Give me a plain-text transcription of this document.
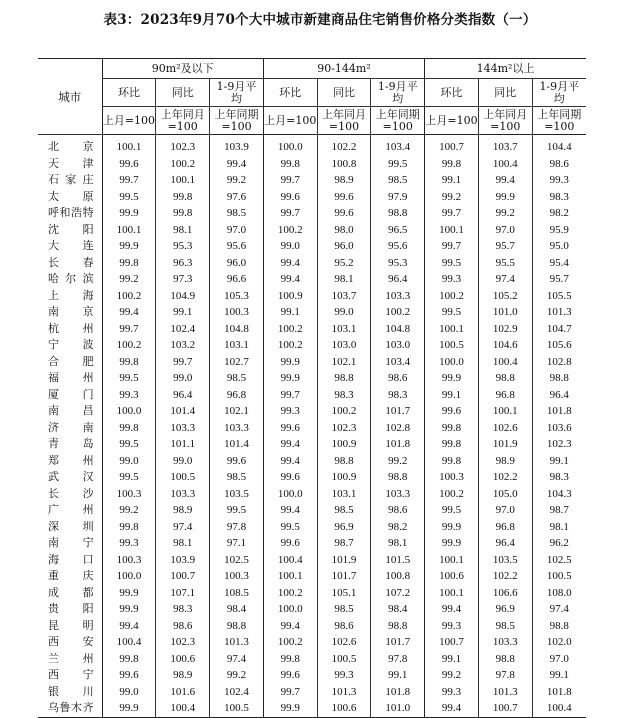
表3：2023年9月70个大中城市新建商品住宅销售价格分类指数（一）
城市	90m²及以下			90-144m²			144m²以上		
	环比	同比	1-9月平均	环比	同比	1-9月平均	环比	同比	1-9月平均
	上月=100	上年同月=100	上年同期=100	上月=100	上年同月=100	上年同期=100	上月=100	上年同月=100	上年同期=100
北京	100.1	102.3	103.9	100.0	102.2	103.4	100.7	103.7	104.4
天津	99.6	100.2	99.4	99.8	100.8	99.5	99.8	100.4	98.6
石家庄	99.7	100.1	99.2	99.7	98.9	98.5	99.1	99.4	99.3
太原	99.5	99.8	97.6	99.6	99.6	97.9	99.2	99.9	98.3
呼和浩特	99.9	99.8	98.5	99.7	99.6	98.8	99.7	99.2	98.2
沈阳	100.1	98.1	97.0	100.2	98.0	96.5	100.1	97.0	95.9
大连	99.9	95.3	95.6	99.0	96.0	95.6	99.7	95.7	95.0
长春	99.8	96.3	96.0	99.4	95.2	95.3	99.5	95.5	95.4
哈尔滨	99.2	97.3	96.6	99.4	98.1	96.4	99.3	97.4	95.7
上海	100.2	104.9	105.3	100.9	103.7	103.3	100.2	105.2	105.5
南京	99.4	99.1	100.3	99.1	99.0	100.2	99.5	101.0	101.3
杭州	99.7	102.4	104.8	100.2	103.1	104.8	100.1	102.9	104.7
宁波	100.2	103.2	103.1	100.2	103.0	103.0	100.5	104.6	105.6
合肥	99.8	99.7	102.7	99.9	102.1	103.4	100.0	100.4	102.8
福州	99.5	99.0	98.5	99.9	98.8	98.6	99.9	98.8	98.8
厦门	99.3	96.4	96.8	99.7	98.3	98.3	99.1	96.8	96.4
南昌	100.0	101.4	102.1	99.3	100.2	101.7	99.6	100.1	101.8
济南	99.8	103.3	103.3	99.6	102.3	102.8	99.8	102.6	103.6
青岛	99.5	101.1	101.4	99.4	100.9	101.8	99.8	101.9	102.3
郑州	99.0	99.0	99.6	99.4	98.8	99.2	99.8	98.9	99.1
武汉	99.5	100.5	98.5	99.6	100.9	98.8	100.3	102.2	98.3
长沙	100.3	103.3	103.5	100.0	103.1	103.3	100.2	105.0	104.3
广州	99.2	98.9	99.5	99.4	98.5	98.6	99.5	97.0	98.7
深圳	99.8	97.4	97.8	99.5	96.9	98.2	99.9	96.8	98.1
南宁	99.3	98.1	97.1	99.6	98.7	98.1	99.9	96.4	96.2
海口	100.3	103.9	102.5	100.4	101.9	101.5	100.1	103.5	102.5
重庆	100.0	100.7	100.3	100.1	101.7	100.8	100.6	102.2	100.5
成都	99.9	107.1	108.5	100.2	105.1	107.2	100.1	106.6	108.0
贵阳	99.9	98.3	98.4	100.0	98.5	98.4	99.4	96.9	97.4
昆明	99.4	98.6	98.8	99.4	98.6	98.8	99.3	98.5	98.8
西安	100.4	102.3	101.3	100.2	102.6	101.7	100.7	103.3	102.0
兰州	99.8	100.6	97.4	99.8	100.5	97.8	99.1	98.8	97.0
西宁	99.6	98.9	99.2	99.6	99.3	99.1	99.2	97.8	99.1
银川	99.0	101.6	102.4	99.7	101.3	101.8	99.3	101.3	101.8
乌鲁木齐	99.9	100.4	100.5	99.9	100.6	101.0	99.4	100.7	100.4
